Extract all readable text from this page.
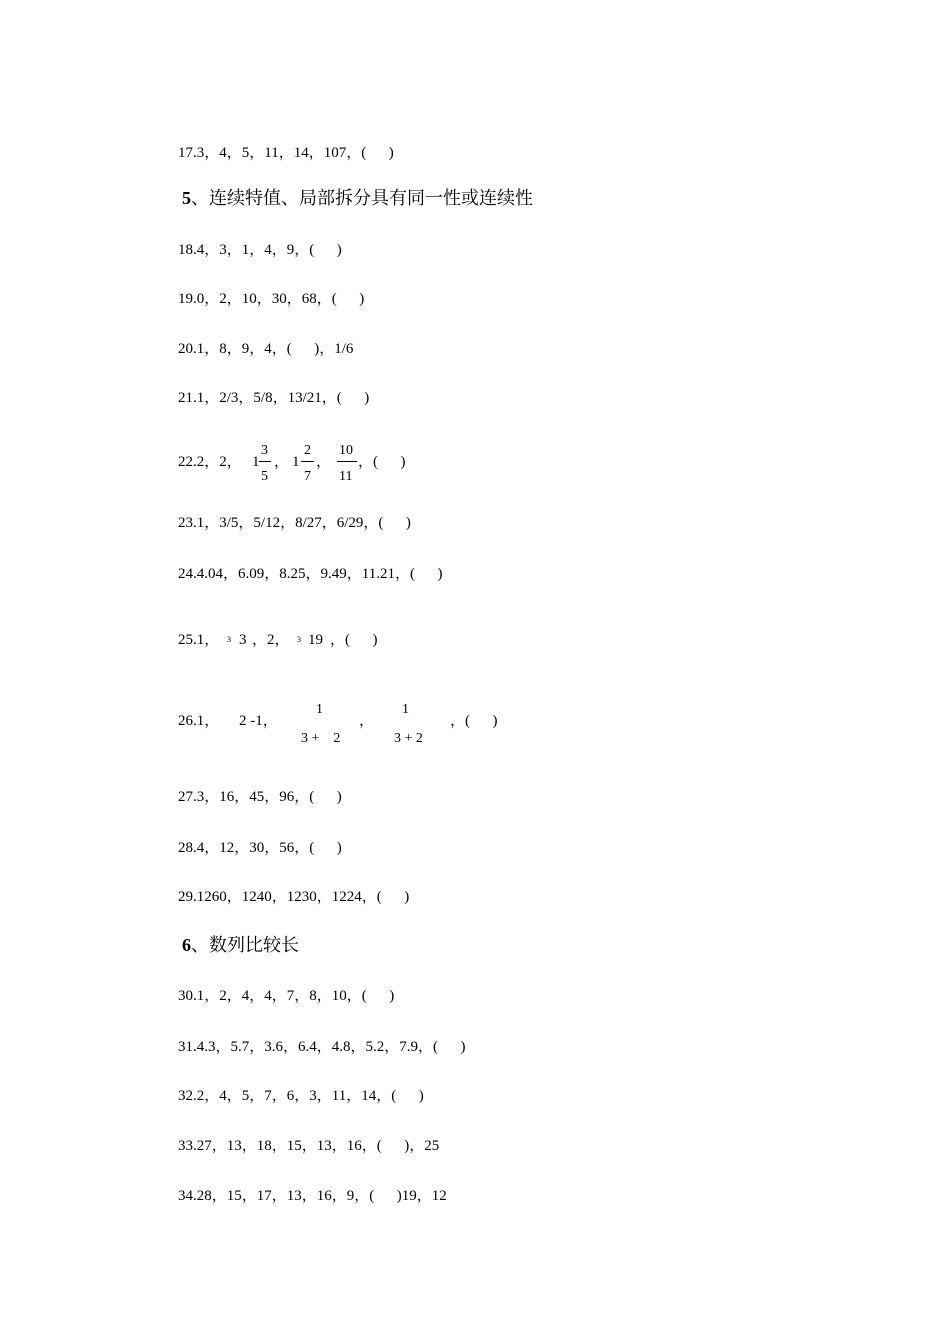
17.3，4，5，11，14，107，(      )
5、连续特值、局部拆分具有同一性或连续性
18.4，3，1，4，9，(      )
19.0，2，10，30，68，(      )
20.1，8，9，4，(      )，1/6
21.1，2/3，5/8，13/21，(      )
22.2，2， 1
3
5
， 1
2
7
，
10
11
，(      )
23.1，3/5，5/12，8/27，6/29，(      )
24.4.04，6.09，8.25，9.49，11.21，(      )
25.1， 3 3 ，2， 3 19 ，(      )
26.1， 2 -1，
1
3 +    2
，
1
3 + 2
，(      )
27.3，16，45，96，(      )
28.4，12，30，56，(      )
29.1260，1240，1230，1224，(      )
6、数列比较长
30.1，2，4，4，7，8，10，(      )
31.4.3，5.7，3.6，6.4，4.8，5.2，7.9，(      )
32.2，4，5，7，6，3，11，14，(      )
33.27，13，18，15，13，16，(      )，25
34.28，15，17，13，16，9，(      )19，12
